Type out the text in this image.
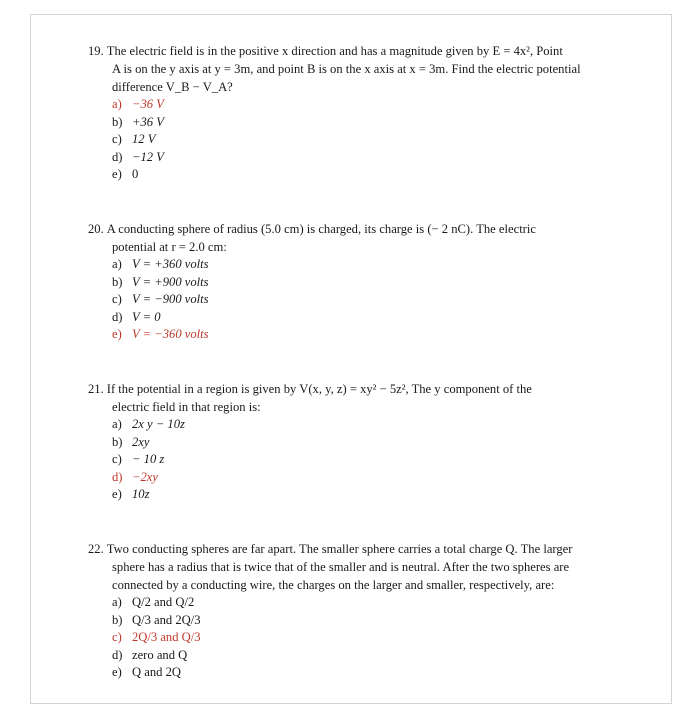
19. The electric field is in the positive x direction and has a magnitude given by E = 4x², Point
A is on the y axis at y = 3m, and point B is on the x axis at x = 3m. Find the electric potential
difference V_B − V_A?

a) −36 V
b) +36 V
c) 12 V
d) −12 V
e) 0

20. A conducting sphere of radius (5.0 cm) is charged, its charge is (− 2 nC). The electric
potential at r = 2.0 cm:

a) V = +360 volts
b) V = +900 volts
c) V = −900 volts
d) V = 0
e) V = −360 volts

21. If the potential in a region is given by V(x, y, z) = xy² − 5z², The y component of the
electric field in that region is:

a) 2x y − 10z
b) 2xy
c) − 10 z
d) −2xy
e) 10z

22. Two conducting spheres are far apart. The smaller sphere carries a total charge Q. The larger
sphere has a radius that is twice that of the smaller and is neutral. After the two spheres are
connected by a conducting wire, the charges on the larger and smaller, respectively, are:

a) Q/2 and Q/2
b) Q/3 and 2Q/3
c) 2Q/3 and Q/3
d) zero and Q
e) Q and 2Q
